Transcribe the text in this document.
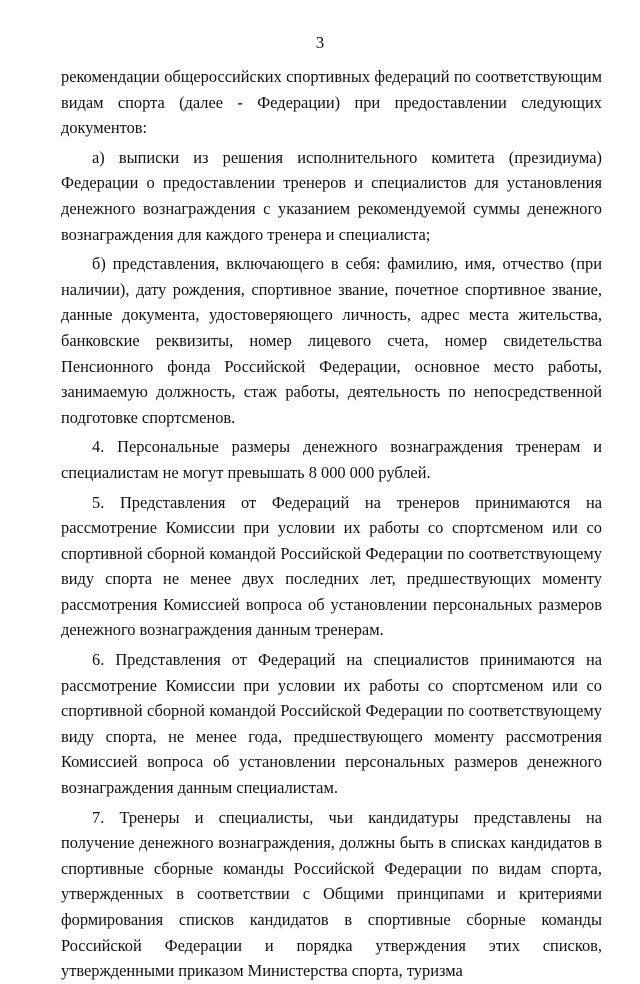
3

рекомендации общероссийских спортивных федераций по соответствующим видам спорта (далее - Федерации) при предоставлении следующих документов:

а) выписки из решения исполнительного комитета (президиума) Федерации о предоставлении тренеров и специалистов для установления денежного вознаграждения с указанием рекомендуемой суммы денежного вознаграждения для каждого тренера и специалиста;

б) представления, включающего в себя: фамилию, имя, отчество (при наличии), дату рождения, спортивное звание, почетное спортивное звание, данные документа, удостоверяющего личность, адрес места жительства, банковские реквизиты, номер лицевого счета, номер свидетельства Пенсионного фонда Российской Федерации, основное место работы, занимаемую должность, стаж работы, деятельность по непосредственной подготовке спортсменов.

4. Персональные размеры денежного вознаграждения тренерам и специалистам не могут превышать 8 000 000 рублей.

5. Представления от Федераций на тренеров принимаются на рассмотрение Комиссии при условии их работы со спортсменом или со спортивной сборной командой Российской Федерации по соответствующему виду спорта не менее двух последних лет, предшествующих моменту рассмотрения Комиссией вопроса об установлении персональных размеров денежного вознаграждения данным тренерам.

6. Представления от Федераций на специалистов принимаются на рассмотрение Комиссии при условии их работы со спортсменом или со спортивной сборной командой Российской Федерации по соответствующему виду спорта, не менее года, предшествующего моменту рассмотрения Комиссией вопроса об установлении персональных размеров денежного вознаграждения данным специалистам.

7. Тренеры и специалисты, чьи кандидатуры представлены на получение денежного вознаграждения, должны быть в списках кандидатов в спортивные сборные команды Российской Федерации по видам спорта, утвержденных в соответствии с Общими принципами и критериями формирования списков кандидатов в спортивные сборные команды Российской Федерации и порядка утверждения этих списков, утвержденными приказом Министерства спорта, туризма
